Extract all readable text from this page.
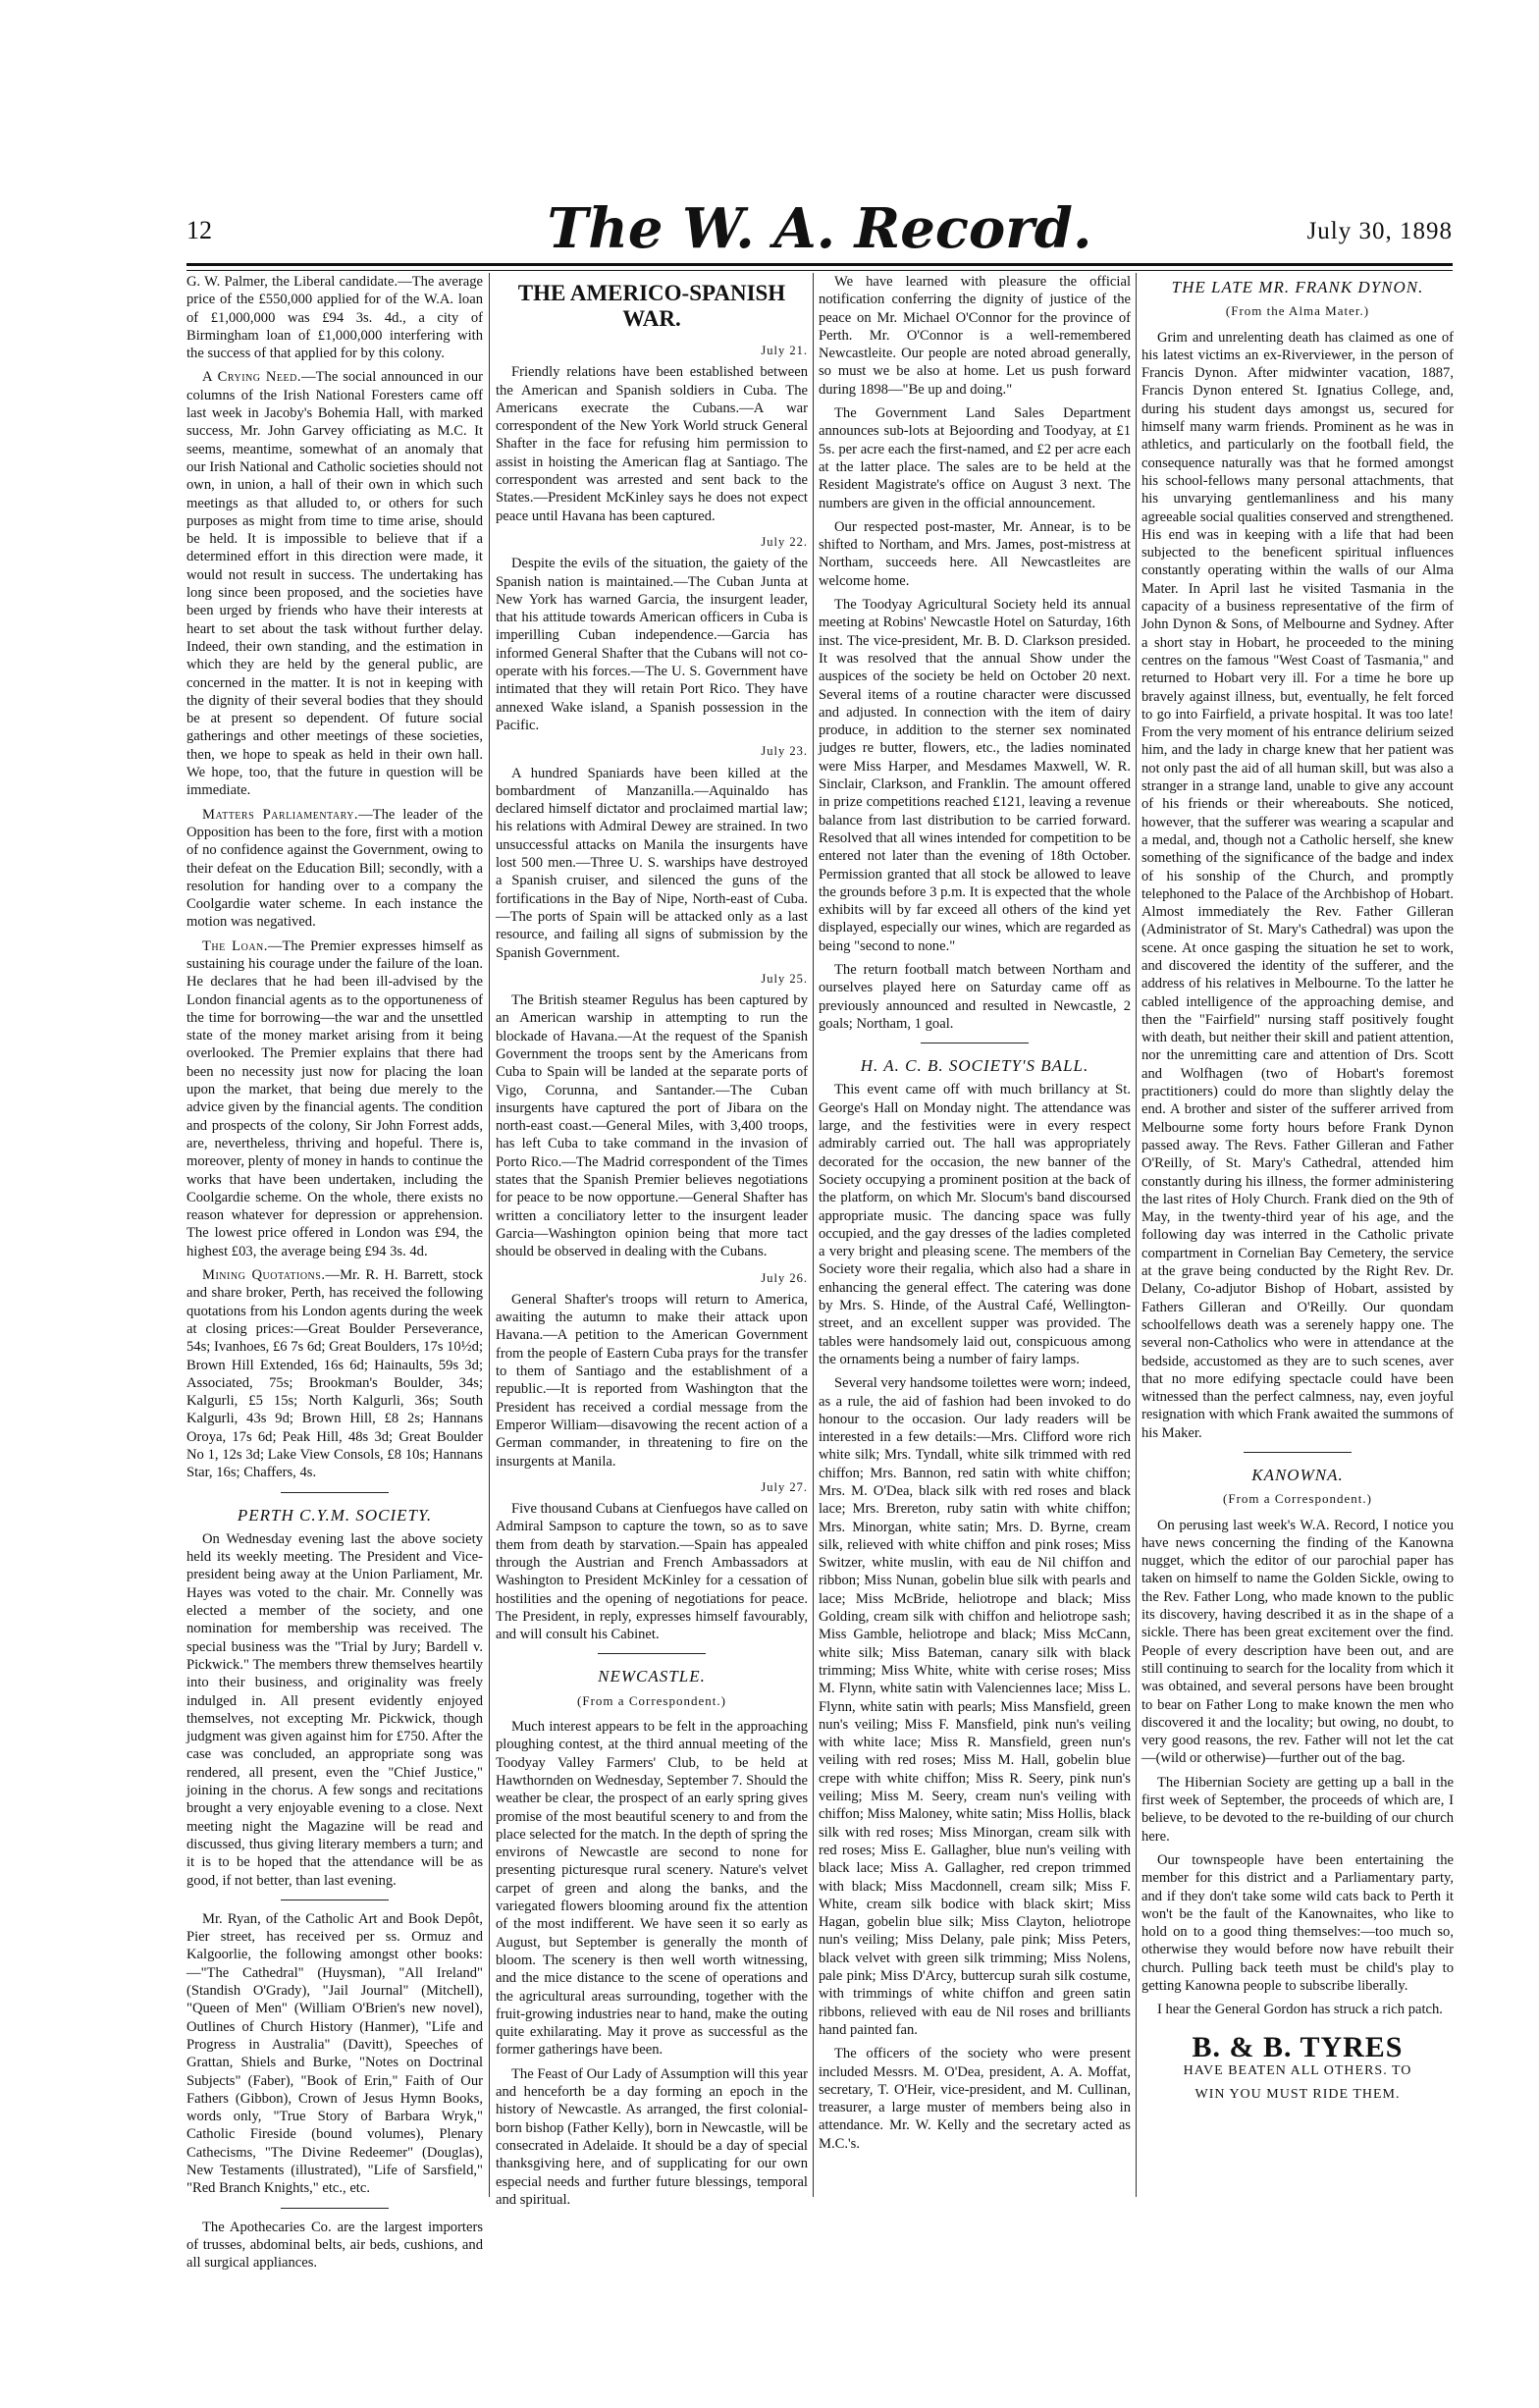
12	The W. A. Record.	July 30, 1898

G. W. Palmer, the Liberal candidate.—The average price of the £550,000 applied for of the W.A. loan of £1,000,000 was £94 3s. 4d., a city of Birmingham loan of £1,000,000 interfering with the success of that applied for by this colony.

A Crying Need.—The social announced in our columns of the Irish National Foresters came off last week in Jacoby's Bohemia Hall, with marked success, Mr. John Garvey officiating as M.C. It seems, meantime, somewhat of an anomaly that our Irish National and Catholic societies should not own, in union, a hall of their own in which such meetings as that alluded to, or others for such purposes as might from time to time arise, should be held. It is impossible to believe that if a determined effort in this direction were made, it would not result in success. The undertaking has long since been proposed, and the societies have been urged by friends who have their interests at heart to set about the task without further delay. Indeed, their own standing, and the estimation in which they are held by the general public, are concerned in the matter. It is not in keeping with the dignity of their several bodies that they should be at present so dependent. Of future social gatherings and other meetings of these societies, then, we hope to speak as held in their own hall. We hope, too, that the future in question will be immediate.

Matters Parliamentary.—The leader of the Opposition has been to the fore, first with a motion of no confidence against the Government, owing to their defeat on the Education Bill; secondly, with a resolution for handing over to a company the Coolgardie water scheme. In each instance the motion was negatived.

The Loan.—The Premier expresses himself as sustaining his courage under the failure of the loan. He declares that he had been ill-advised by the London financial agents as to the opportuneness of the time for borrowing—the war and the unsettled state of the money market arising from it being overlooked. The Premier explains that there had been no necessity just now for placing the loan upon the market, that being due merely to the advice given by the financial agents. The condition and prospects of the colony, Sir John Forrest adds, are, nevertheless, thriving and hopeful. There is, moreover, plenty of money in hands to continue the works that have been undertaken, including the Coolgardie scheme. On the whole, there exists no reason whatever for depression or apprehension. The lowest price offered in London was £94, the highest £03, the average being £94 3s. 4d.

Mining Quotations.—Mr. R. H. Barrett, stock and share broker, Perth, has received the following quotations from his London agents during the week at closing prices:—Great Boulder Perseverance, 54s; Ivanhoes, £6 7s 6d; Great Boulders, 17s 10½d; Brown Hill Extended, 16s 6d; Hainaults, 59s 3d; Associated, 75s; Brookman's Boulder, 34s; Kalgurli, £5 15s; North Kalgurli, 36s; South Kalgurli, 43s 9d; Brown Hill, £8 2s; Hannans Oroya, 17s 6d; Peak Hill, 48s 3d; Great Boulder No 1, 12s 3d; Lake View Consols, £8 10s; Hannans Star, 16s; Chaffers, 4s.

PERTH C.Y.M. SOCIETY.

On Wednesday evening last the above society held its weekly meeting. The President and Vice-president being away at the Union Parliament, Mr. Hayes was voted to the chair. Mr. Connelly was elected a member of the society, and one nomination for membership was received. The special business was the "Trial by Jury; Bardell v. Pickwick." The members threw themselves heartily into their business, and originality was freely indulged in. All present evidently enjoyed themselves, not excepting Mr. Pickwick, though judgment was given against him for £750. After the case was concluded, an appropriate song was rendered, all present, even the "Chief Justice," joining in the chorus. A few songs and recitations brought a very enjoyable evening to a close. Next meeting night the Magazine will be read and discussed, thus giving literary members a turn; and it is to be hoped that the attendance will be as good, if not better, than last evening.

Mr. Ryan, of the Catholic Art and Book Depôt, Pier street, has received per ss. Ormuz and Kalgoorlie, the following amongst other books:—"The Cathedral" (Huysman), "All Ireland" (Standish O'Grady), "Jail Journal" (Mitchell), "Queen of Men" (William O'Brien's new novel), Outlines of Church History (Hanmer), "Life and Progress in Australia" (Davitt), Speeches of Grattan, Shiels and Burke, "Notes on Doctrinal Subjects" (Faber), "Book of Erin," Faith of Our Fathers (Gibbon), Crown of Jesus Hymn Books, words only, "True Story of Barbara Wryk," Catholic Fireside (bound volumes), Plenary Cathecisms, "The Divine Redeemer" (Douglas), New Testaments (illustrated), "Life of Sarsfield," "Red Branch Knights," etc., etc.

The Apothecaries Co. are the largest importers of trusses, abdominal belts, air beds, cushions, and all surgical appliances.

THE AMERICO-SPANISH WAR.
July 21.

Friendly relations have been established between the American and Spanish soldiers in Cuba. The Americans execrate the Cubans.—A war correspondent of the New York World struck General Shafter in the face for refusing him permission to assist in hoisting the American flag at Santiago. The correspondent was arrested and sent back to the States.—President McKinley says he does not expect peace until Havana has been captured.

July 22.

Despite the evils of the situation, the gaiety of the Spanish nation is maintained.—The Cuban Junta at New York has warned Garcia, the insurgent leader, that his attitude towards American officers in Cuba is imperilling Cuban independence.—Garcia has informed General Shafter that the Cubans will not co-operate with his forces.—The U. S. Government have intimated that they will retain Port Rico. They have annexed Wake island, a Spanish possession in the Pacific.

July 23.

A hundred Spaniards have been killed at the bombardment of Manzanilla.—Aquinaldo has declared himself dictator and proclaimed martial law; his relations with Admiral Dewey are strained. In two unsuccessful attacks on Manila the insurgents have lost 500 men.—Three U. S. warships have destroyed a Spanish cruiser, and silenced the guns of the fortifications in the Bay of Nipe, North-east of Cuba.—The ports of Spain will be attacked only as a last resource, and failing all signs of submission by the Spanish Government.

July 25.

The British steamer Regulus has been captured by an American warship in attempting to run the blockade of Havana.—At the request of the Spanish Government the troops sent by the Americans from Cuba to Spain will be landed at the separate ports of Vigo, Corunna, and Santander.—The Cuban insurgents have captured the port of Jibara on the north-east coast.—General Miles, with 3,400 troops, has left Cuba to take command in the invasion of Porto Rico.—The Madrid correspondent of the Times states that the Spanish Premier believes negotiations for peace to be now opportune.—General Shafter has written a conciliatory letter to the insurgent leader Garcia—Washington opinion being that more tact should be observed in dealing with the Cubans.

July 26.

General Shafter's troops will return to America, awaiting the autumn to make their attack upon Havana.—A petition to the American Government from the people of Eastern Cuba prays for the transfer to them of Santiago and the establishment of a republic.—It is reported from Washington that the President has received a cordial message from the Emperor William—disavowing the recent action of a German commander, in threatening to fire on the insurgents at Manila.

July 27.

Five thousand Cubans at Cienfuegos have called on Admiral Sampson to capture the town, so as to save them from death by starvation.—Spain has appealed through the Austrian and French Ambassadors at Washington to President McKinley for a cessation of hostilities and the opening of negotiations for peace. The President, in reply, expresses himself favourably, and will consult his Cabinet.

NEWCASTLE.
(From a Correspondent.)

Much interest appears to be felt in the approaching ploughing contest, at the third annual meeting of the Toodyay Valley Farmers' Club, to be held at Hawthornden on Wednesday, September 7. Should the weather be clear, the prospect of an early spring gives promise of the most beautiful scenery to and from the place selected for the match. In the depth of spring the environs of Newcastle are second to none for presenting picturesque rural scenery. Nature's velvet carpet of green and along the banks, and the variegated flowers blooming around fix the attention of the most indifferent. We have seen it so early as August, but September is generally the month of bloom. The scenery is then well worth witnessing, and the mice distance to the scene of operations and the agricultural areas surrounding, together with the fruit-growing industries near to hand, make the outing quite exhilarating. May it prove as successful as the former gatherings have been.

The Feast of Our Lady of Assumption will this year and henceforth be a day forming an epoch in the history of Newcastle. As arranged, the first colonial-born bishop (Father Kelly), born in Newcastle, will be consecrated in Adelaide. It should be a day of special thanksgiving here, and of supplicating for our own especial needs and further future blessings, temporal and spiritual.

We have learned with pleasure the official notification conferring the dignity of justice of the peace on Mr. Michael O'Connor for the province of Perth. Mr. O'Connor is a well-remembered Newcastleite. Our people are noted abroad generally, so must we be also at home. Let us push forward during 1898—"Be up and doing."

The Government Land Sales Department announces sub-lots at Bejoording and Toodyay, at £1 5s. per acre each the first-named, and £2 per acre each at the latter place. The sales are to be held at the Resident Magistrate's office on August 3 next. The numbers are given in the official announcement.

Our respected post-master, Mr. Annear, is to be shifted to Northam, and Mrs. James, post-mistress at Northam, succeeds here. All Newcastleites are welcome home.

The Toodyay Agricultural Society held its annual meeting at Robins' Newcastle Hotel on Saturday, 16th inst. The vice-president, Mr. B. D. Clarkson presided. It was resolved that the annual Show under the auspices of the society be held on October 20 next. Several items of a routine character were discussed and adjusted. In connection with the item of dairy produce, in addition to the sterner sex nominated judges re butter, flowers, etc., the ladies nominated were Miss Harper, and Mesdames Maxwell, W. R. Sinclair, Clarkson, and Franklin. The amount offered in prize competitions reached £121, leaving a revenue balance from last distribution to be carried forward. Resolved that all wines intended for competition to be entered not later than the evening of 18th October. Permission granted that all stock be allowed to leave the grounds before 3 p.m. It is expected that the whole exhibits will by far exceed all others of the kind yet displayed, especially our wines, which are regarded as being "second to none."

The return football match between Northam and ourselves played here on Saturday came off as previously announced and resulted in Newcastle, 2 goals; Northam, 1 goal.

H. A. C. B. SOCIETY'S BALL.

This event came off with much brillancy at St. George's Hall on Monday night. The attendance was large, and the festivities were in every respect admirably carried out. The hall was appropriately decorated for the occasion, the new banner of the Society occupying a prominent position at the back of the platform, on which Mr. Slocum's band discoursed appropriate music. The dancing space was fully occupied, and the gay dresses of the ladies completed a very bright and pleasing scene. The members of the Society wore their regalia, which also had a share in enhancing the general effect. The catering was done by Mrs. S. Hinde, of the Austral Café, Wellington-street, and an excellent supper was provided. The tables were handsomely laid out, conspicuous among the ornaments being a number of fairy lamps.

Several very handsome toilettes were worn; indeed, as a rule, the aid of fashion had been invoked to do honour to the occasion. Our lady readers will be interested in a few details:—Mrs. Clifford wore rich white silk; Mrs. Tyndall, white silk trimmed with red chiffon; Mrs. Bannon, red satin with white chiffon; Mrs. M. O'Dea, black silk with red roses and black lace; Mrs. Brereton, ruby satin with white chiffon; Mrs. Minorgan, white satin; Mrs. D. Byrne, cream silk, relieved with white chiffon and pink roses; Miss Switzer, white muslin, with eau de Nil chiffon and ribbon; Miss Nunan, gobelin blue silk with pearls and lace; Miss McBride, heliotrope and black; Miss Golding, cream silk with chiffon and heliotrope sash; Miss Gamble, heliotrope and black; Miss McCann, white silk; Miss Bateman, canary silk with black trimming; Miss White, white with cerise roses; Miss M. Flynn, white satin with Valenciennes lace; Miss L. Flynn, white satin with pearls; Miss Mansfield, green nun's veiling; Miss F. Mansfield, pink nun's veiling with white lace; Miss R. Mansfield, green nun's veiling with red roses; Miss M. Hall, gobelin blue crepe with white chiffon; Miss R. Seery, pink nun's veiling; Miss M. Seery, cream nun's veiling with chiffon; Miss Maloney, white satin; Miss Hollis, black silk with red roses; Miss Minorgan, cream silk with red roses; Miss E. Gallagher, blue nun's veiling with black lace; Miss A. Gallagher, red crepon trimmed with black; Miss Macdonnell, cream silk; Miss F. White, cream silk bodice with black skirt; Miss Hagan, gobelin blue silk; Miss Clayton, heliotrope nun's veiling; Miss Delany, pale pink; Miss Peters, black velvet with green silk trimming; Miss Nolens, pale pink; Miss D'Arcy, buttercup surah silk costume, with trimmings of white chiffon and green satin ribbons, relieved with eau de Nil roses and brilliants hand painted fan.

The officers of the society who were present included Messrs. M. O'Dea, president, A. A. Moffat, secretary, T. O'Heir, vice-president, and M. Cullinan, treasurer, a large muster of members being also in attendance. Mr. W. Kelly and the secretary acted as M.C.'s.

THE LATE MR. FRANK DYNON.
(From the Alma Mater.)

Grim and unrelenting death has claimed as one of his latest victims an ex-Riverviewer, in the person of Francis Dynon. After midwinter vacation, 1887, Francis Dynon entered St. Ignatius College, and, during his student days amongst us, secured for himself many warm friends. Prominent as he was in athletics, and particularly on the football field, the consequence naturally was that he formed amongst his school-fellows many personal attachments, that his unvarying gentlemanliness and his many agreeable social qualities conserved and strengthened. His end was in keeping with a life that had been subjected to the beneficent spiritual influences constantly operating within the walls of our Alma Mater. In April last he visited Tasmania in the capacity of a business representative of the firm of John Dynon & Sons, of Melbourne and Sydney. After a short stay in Hobart, he proceeded to the mining centres on the famous "West Coast of Tasmania," and returned to Hobart very ill. For a time he bore up bravely against illness, but, eventually, he felt forced to go into Fairfield, a private hospital. It was too late! From the very moment of his entrance delirium seized him, and the lady in charge knew that her patient was not only past the aid of all human skill, but was also a stranger in a strange land, unable to give any account of his friends or their whereabouts. She noticed, however, that the sufferer was wearing a scapular and a medal, and, though not a Catholic herself, she knew something of the significance of the badge and index of his sonship of the Church, and promptly telephoned to the Palace of the Archbishop of Hobart. Almost immediately the Rev. Father Gilleran (Administrator of St. Mary's Cathedral) was upon the scene. At once gasping the situation he set to work, and discovered the identity of the sufferer, and the address of his relatives in Melbourne. To the latter he cabled intelligence of the approaching demise, and then the "Fairfield" nursing staff positively fought with death, but neither their skill and patient attention, nor the unremitting care and attention of Drs. Scott and Wolfhagen (two of Hobart's foremost practitioners) could do more than slightly delay the end. A brother and sister of the sufferer arrived from Melbourne some forty hours before Frank Dynon passed away. The Revs. Father Gilleran and Father O'Reilly, of St. Mary's Cathedral, attended him constantly during his illness, the former administering the last rites of Holy Church. Frank died on the 9th of May, in the twenty-third year of his age, and the following day was interred in the Catholic private compartment in Cornelian Bay Cemetery, the service at the grave being conducted by the Right Rev. Dr. Delany, Co-adjutor Bishop of Hobart, assisted by Fathers Gilleran and O'Reilly. Our quondam schoolfellows death was a serenely happy one. The several non-Catholics who were in attendance at the bedside, accustomed as they are to such scenes, aver that no more edifying spectacle could have been witnessed than the perfect calmness, nay, even joyful resignation with which Frank awaited the summons of his Maker.

KANOWNA.
(From a Correspondent.)

On perusing last week's W.A. Record, I notice you have news concerning the finding of the Kanowna nugget, which the editor of our parochial paper has taken on himself to name the Golden Sickle, owing to the Rev. Father Long, who made known to the public its discovery, having described it as in the shape of a sickle. There has been great excitement over the find. People of every description have been out, and are still continuing to search for the locality from which it was obtained, and several persons have been brought to bear on Father Long to make known the men who discovered it and the locality; but owing, no doubt, to very good reasons, the rev. Father will not let the cat—(wild or otherwise)—further out of the bag.

The Hibernian Society are getting up a ball in the first week of September, the proceeds of which are, I believe, to be devoted to the re-building of our church here.

Our townspeople have been entertaining the member for this district and a Parliamentary party, and if they don't take some wild cats back to Perth it won't be the fault of the Kanownaites, who like to hold on to a good thing themselves:—too much so, otherwise they would before now have rebuilt their church. Pulling back teeth must be child's play to getting Kanowna people to subscribe liberally.

I hear the General Gordon has struck a rich patch.

B. & B. TYRES
HAVE BEATEN ALL OTHERS. TO
WIN YOU MUST RIDE THEM.
